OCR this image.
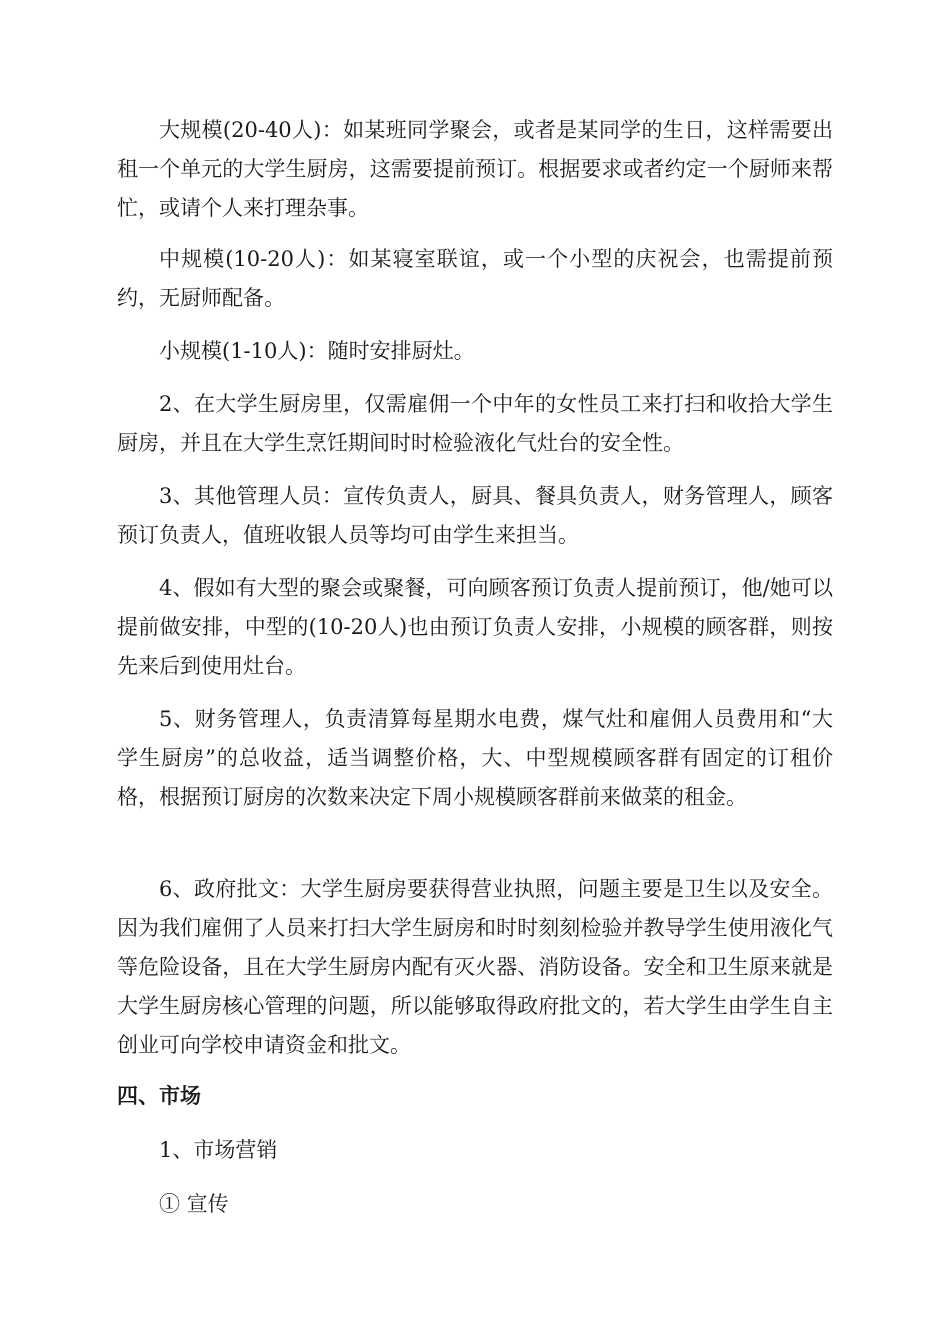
大规模(20-40人)：如某班同学聚会，或者是某同学的生日，这样需要出租一个单元的大学生厨房，这需要提前预订。根据要求或者约定一个厨师来帮忙，或请个人来打理杂事。

中规模(10-20人)：如某寝室联谊，或一个小型的庆祝会，也需提前预约，无厨师配备。

小规模(1-10人)：随时安排厨灶。

2、在大学生厨房里，仅需雇佣一个中年的女性员工来打扫和收拾大学生厨房，并且在大学生烹饪期间时时检验液化气灶台的安全性。

3、其他管理人员：宣传负责人，厨具、餐具负责人，财务管理人，顾客预订负责人，值班收银人员等均可由学生来担当。

4、假如有大型的聚会或聚餐，可向顾客预订负责人提前预订，他/她可以提前做安排，中型的(10-20人)也由预订负责人安排，小规模的顾客群，则按先来后到使用灶台。

5、财务管理人，负责清算每星期水电费，煤气灶和雇佣人员费用和“大学生厨房”的总收益，适当调整价格，大、中型规模顾客群有固定的订租价格，根据预订厨房的次数来决定下周小规模顾客群前来做菜的租金。

6、政府批文：大学生厨房要获得营业执照，问题主要是卫生以及安全。因为我们雇佣了人员来打扫大学生厨房和时时刻刻检验并教导学生使用液化气等危险设备，且在大学生厨房内配有灭火器、消防设备。安全和卫生原来就是大学生厨房核心管理的问题，所以能够取得政府批文的，若大学生由学生自主创业可向学校申请资金和批文。

四、市场

1、市场营销

① 宣传
